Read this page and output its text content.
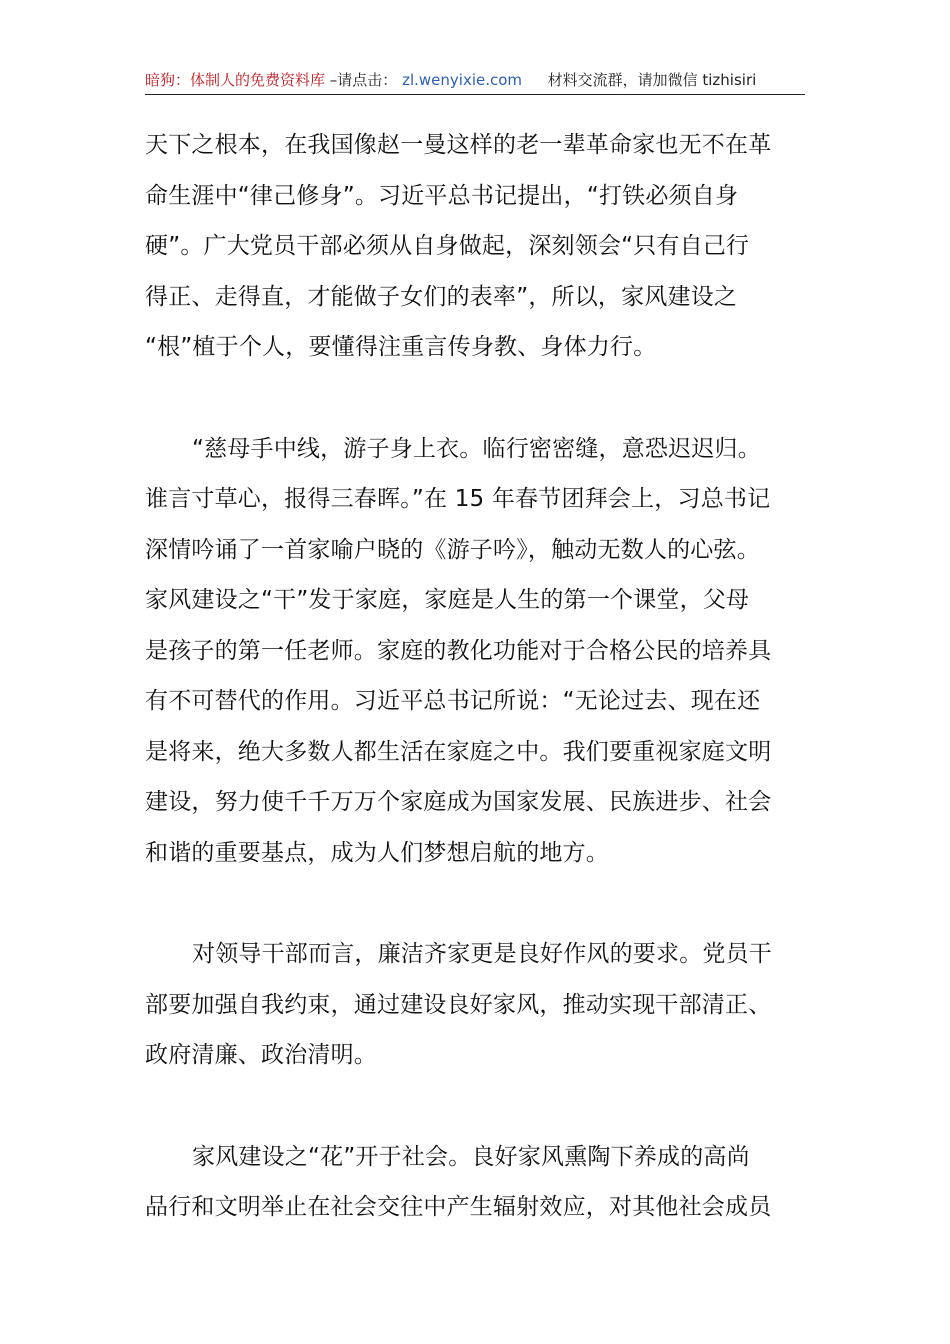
暗狗：体制人的免费资料库 –请点击： zl.wenyixie.com 材料交流群，请加微信 tizhisiri

天下之根本，在我国像赵一曼这样的老一辈革命家也无不在革
命生涯中“律己修身”。习近平总书记提出，“打铁必须自身
硬”。广大党员干部必须从自身做起，深刻领会“只有自己行
得正、走得直，才能做子女们的表率”，所以，家风建设之
“根”植于个人，要懂得注重言传身教、身体力行。

“慈母手中线，游子身上衣。临行密密缝，意恐迟迟归。
谁言寸草心，报得三春晖。”在 15 年春节团拜会上，习总书记
深情吟诵了一首家喻户晓的《游子吟》，触动无数人的心弦。
家风建设之“干”发于家庭，家庭是人生的第一个课堂，父母
是孩子的第一任老师。家庭的教化功能对于合格公民的培养具
有不可替代的作用。习近平总书记所说：“无论过去、现在还
是将来，绝大多数人都生活在家庭之中。我们要重视家庭文明
建设，努力使千千万万个家庭成为国家发展、民族进步、社会
和谐的重要基点，成为人们梦想启航的地方。

对领导干部而言，廉洁齐家更是良好作风的要求。党员干
部要加强自我约束，通过建设良好家风，推动实现干部清正、
政府清廉、政治清明。

家风建设之“花”开于社会。良好家风熏陶下养成的高尚
品行和文明举止在社会交往中产生辐射效应，对其他社会成员
